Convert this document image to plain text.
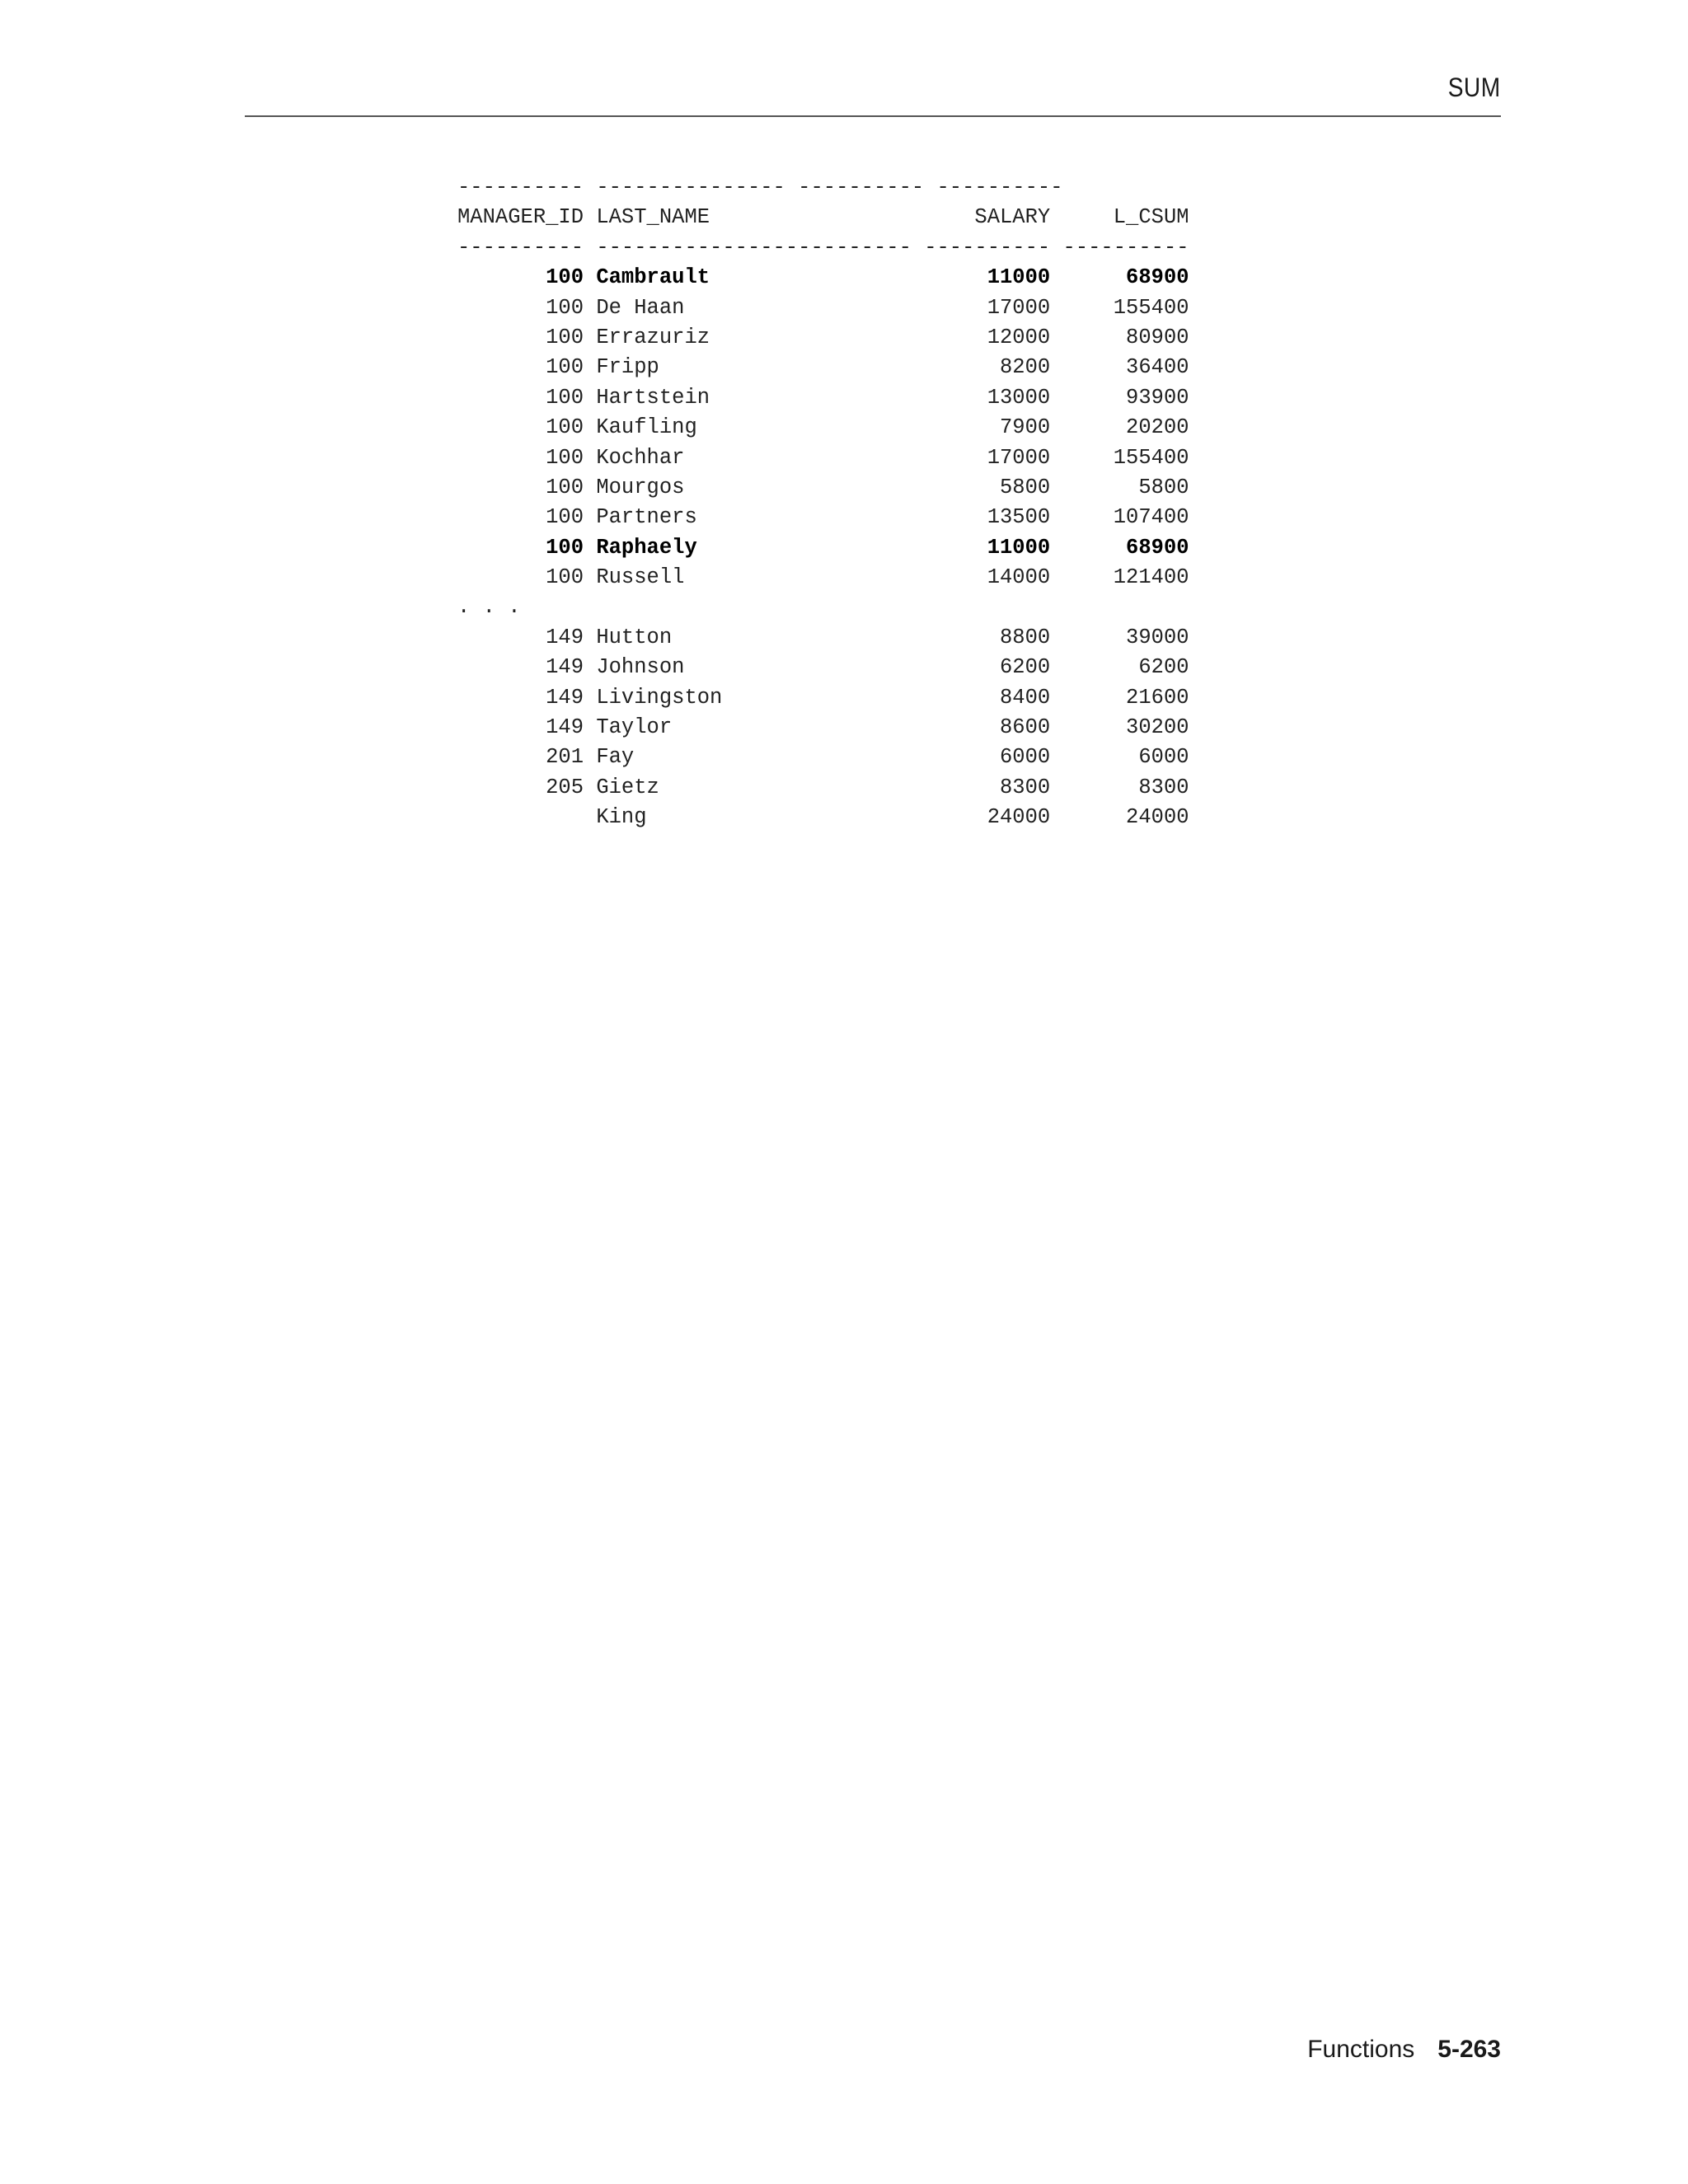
SUM
---------- --------------- ---------- ----------
MANAGER_ID LAST_NAME                     SALARY     L_CSUM
---------- ------------------------- ---------- ----------
100 Cambrault                      11000      68900
100 De Haan                        17000     155400
100 Errazuriz                      12000      80900
100 Fripp                           8200      36400
100 Hartstein                      13000      93900
100 Kaufling                        7900      20200
100 Kochhar                        17000     155400
100 Mourgos                         5800       5800
100 Partners                       13500     107400
100 Raphaely                       11000      68900
100 Russell                        14000     121400
. . .
149 Hutton                          8800      39000
149 Johnson                         6200       6200
149 Livingston                      8400      21600
149 Taylor                          8600      30200
201 Fay                             6000       6000
205 Gietz                           8300       8300
King                           24000      24000
Functions 5-263
